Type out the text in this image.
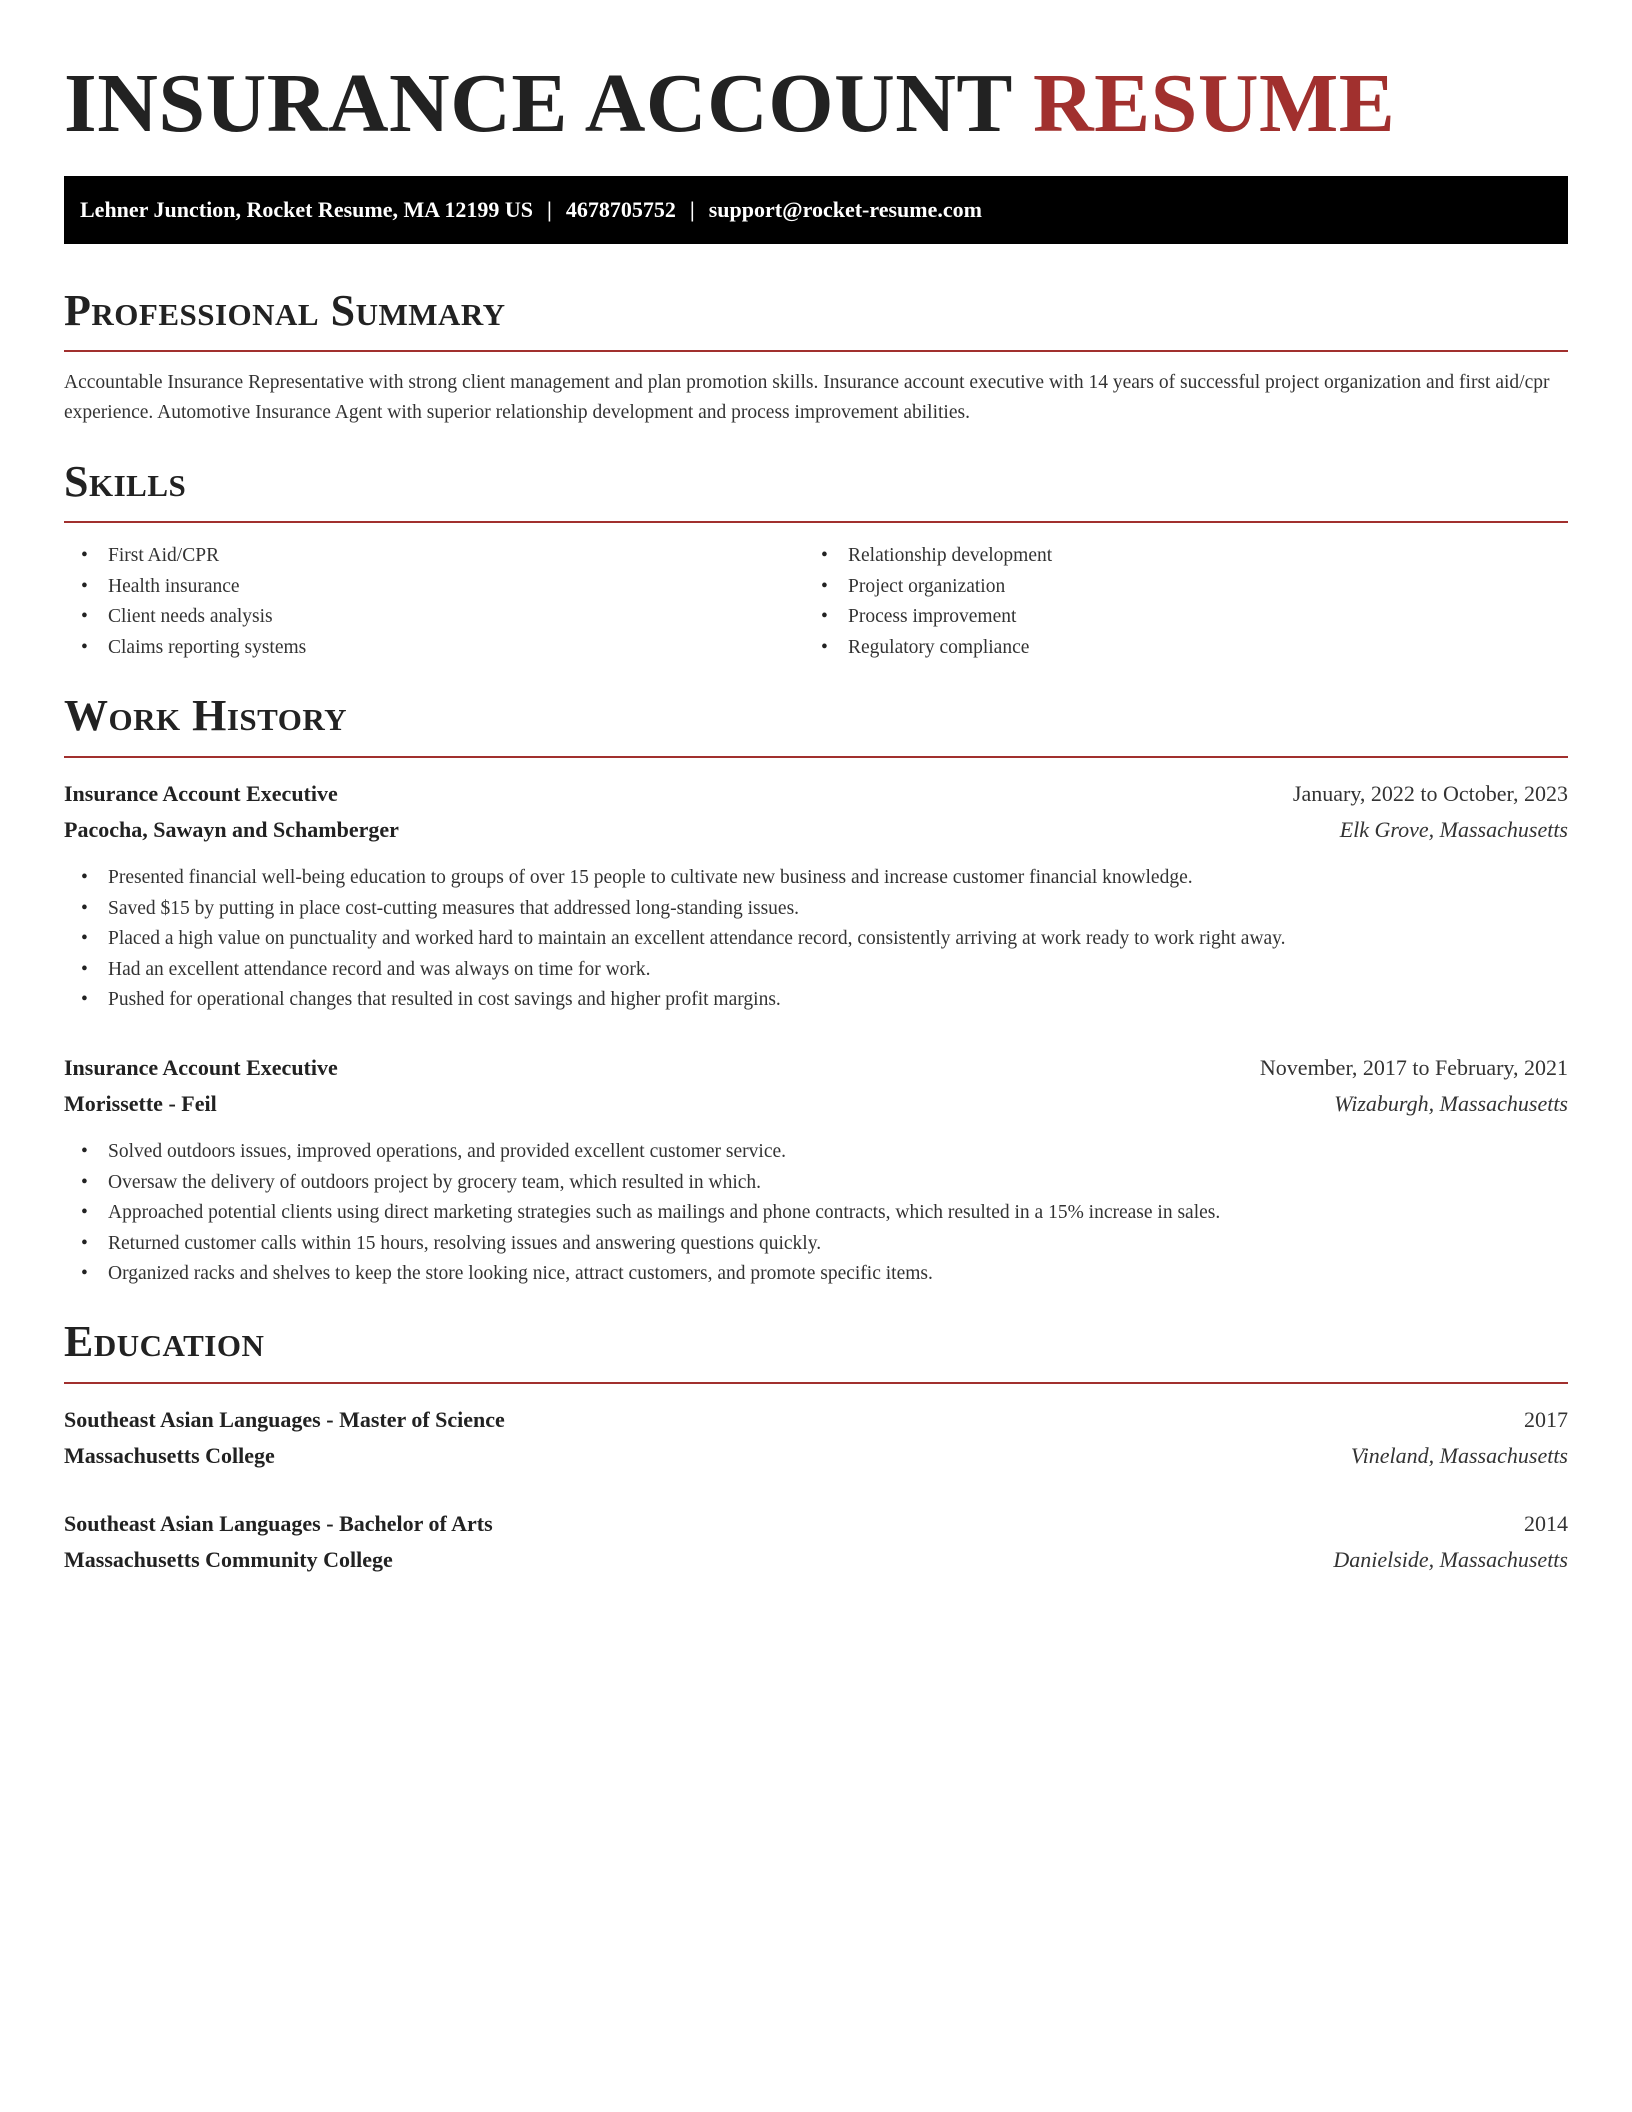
INSURANCE ACCOUNT RESUME
Lehner Junction, Rocket Resume, MA 12199 US | 4678705752 | support@rocket-resume.com
Professional Summary

Accountable Insurance Representative with strong client management and plan promotion skills. Insurance account executive with 14 years of successful project organization and first aid/cpr experience. Automotive Insurance Agent with superior relationship development and process improvement abilities.

Skills
• First Aid/CPR
• Health insurance
• Client needs analysis
• Claims reporting systems
• Relationship development
• Project organization
• Process improvement
• Regulatory compliance
Work History
Insurance Account Executive	January, 2022 to October, 2023
Pacocha, Sawayn and Schamberger	Elk Grove, Massachusetts
• Presented financial well-being education to groups of over 15 people to cultivate new business and increase customer financial knowledge.
• Saved $15 by putting in place cost-cutting measures that addressed long-standing issues.
• Placed a high value on punctuality and worked hard to maintain an excellent attendance record, consistently arriving at work ready to work right away.
• Had an excellent attendance record and was always on time for work.
• Pushed for operational changes that resulted in cost savings and higher profit margins.
Insurance Account Executive	November, 2017 to February, 2021
Morissette - Feil	Wizaburgh, Massachusetts
• Solved outdoors issues, improved operations, and provided excellent customer service.
• Oversaw the delivery of outdoors project by grocery team, which resulted in which.
• Approached potential clients using direct marketing strategies such as mailings and phone contracts, which resulted in a 15% increase in sales.
• Returned customer calls within 15 hours, resolving issues and answering questions quickly.
• Organized racks and shelves to keep the store looking nice, attract customers, and promote specific items.
Education
Southeast Asian Languages - Master of Science	2017
Massachusetts College	Vineland, Massachusetts
Southeast Asian Languages - Bachelor of Arts	2014
Massachusetts Community College	Danielside, Massachusetts
